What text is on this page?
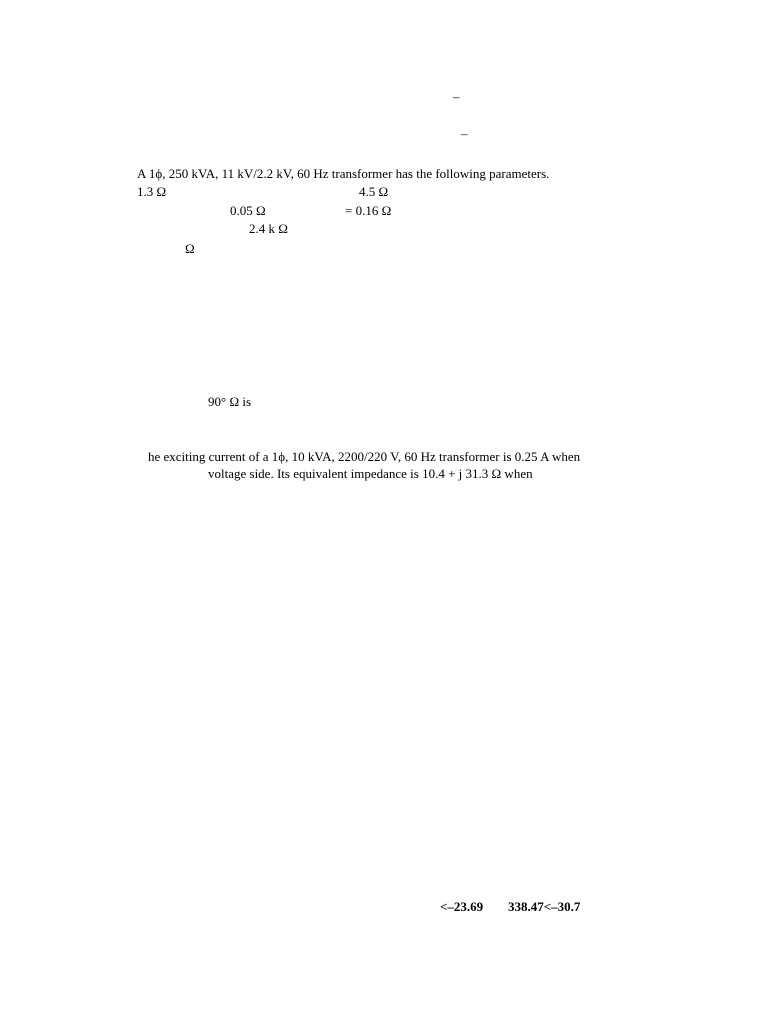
–
–
A 1ϕ, 250 kVA, 11 kV/2.2 kV, 60 Hz transformer has the following parameters.
1.3 Ω	4.5 Ω
0.05 Ω	= 0.16 Ω
2.4 k Ω
Ω
90° Ω is
he exciting current of a 1ϕ, 10 kVA, 2200/220 V, 60 Hz transformer is 0.25 A when
voltage side. Its equivalent impedance is 10.4 + j 31.3 Ω when
<–23.69 338.47<–30.7
